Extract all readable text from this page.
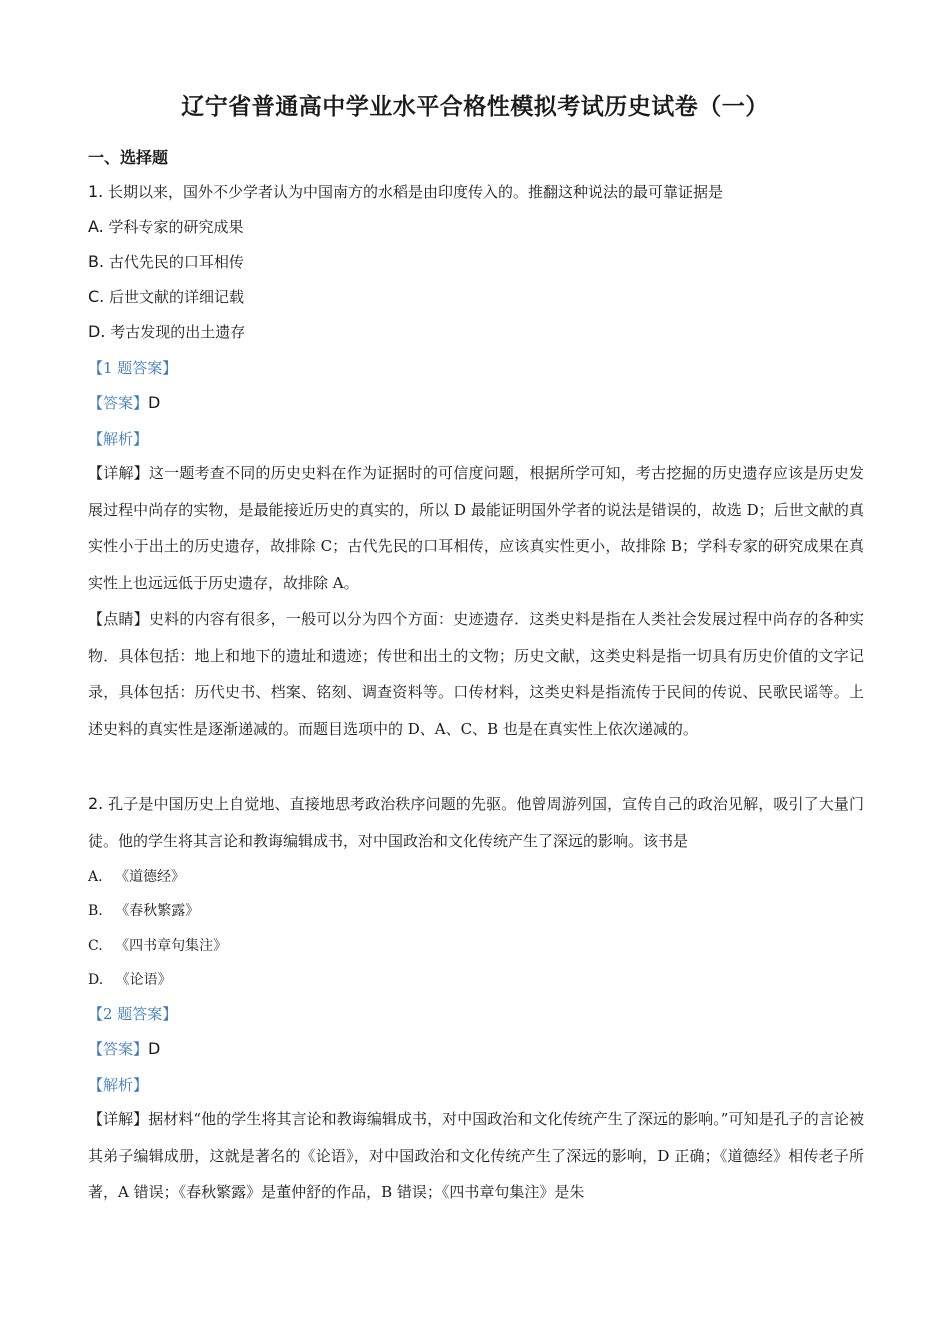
辽宁省普通高中学业水平合格性模拟考试历史试卷（一）
一、选择题
1. 长期以来，国外不少学者认为中国南方的水稻是由印度传入的。推翻这种说法的最可靠证据是
A. 学科专家的研究成果
B. 古代先民的口耳相传
C. 后世文献的详细记载
D. 考古发现的出土遗存
【1 题答案】
【答案】D
【解析】
【详解】这一题考查不同的历史史料在作为证据时的可信度问题，根据所学可知，考古挖掘的历史遗存应该是历史发展过程中尚存的实物，是最能接近历史的真实的，所以 D 最能证明国外学者的说法是错误的，故选 D；后世文献的真实性小于出土的历史遗存，故排除 C；古代先民的口耳相传，应该真实性更小，故排除 B；学科专家的研究成果在真实性上也远远低于历史遗存，故排除 A。
【点睛】史料的内容有很多，一般可以分为四个方面：史迹遗存．这类史料是指在人类社会发展过程中尚存的各种实物．具体包括：地上和地下的遗址和遗迹；传世和出土的文物；历史文献，这类史料是指一切具有历史价值的文字记录，具体包括：历代史书、档案、铭刻、调查资料等。口传材料，这类史料是指流传于民间的传说、民歌民谣等。上述史料的真实性是逐渐递减的。而题目选项中的 D、A、C、B 也是在真实性上依次递减的。
2. 孔子是中国历史上自觉地、直接地思考政治秩序问题的先驱。他曾周游列国，宣传自己的政治见解，吸引了大量门徒。他的学生将其言论和教诲编辑成书，对中国政治和文化传统产生了深远的影响。该书是
A. 《道德经》
B. 《春秋繁露》
C. 《四书章句集注》
D. 《论语》
【2 题答案】
【答案】D
【解析】
【详解】据材料“他的学生将其言论和教诲编辑成书，对中国政治和文化传统产生了深远的影响。”可知是孔子的言论被其弟子编辑成册，这就是著名的《论语》，对中国政治和文化传统产生了深远的影响，D 正确；《道德经》相传老子所著，A 错误；《春秋繁露》是董仲舒的作品，B 错误；《四书章句集注》是朱
